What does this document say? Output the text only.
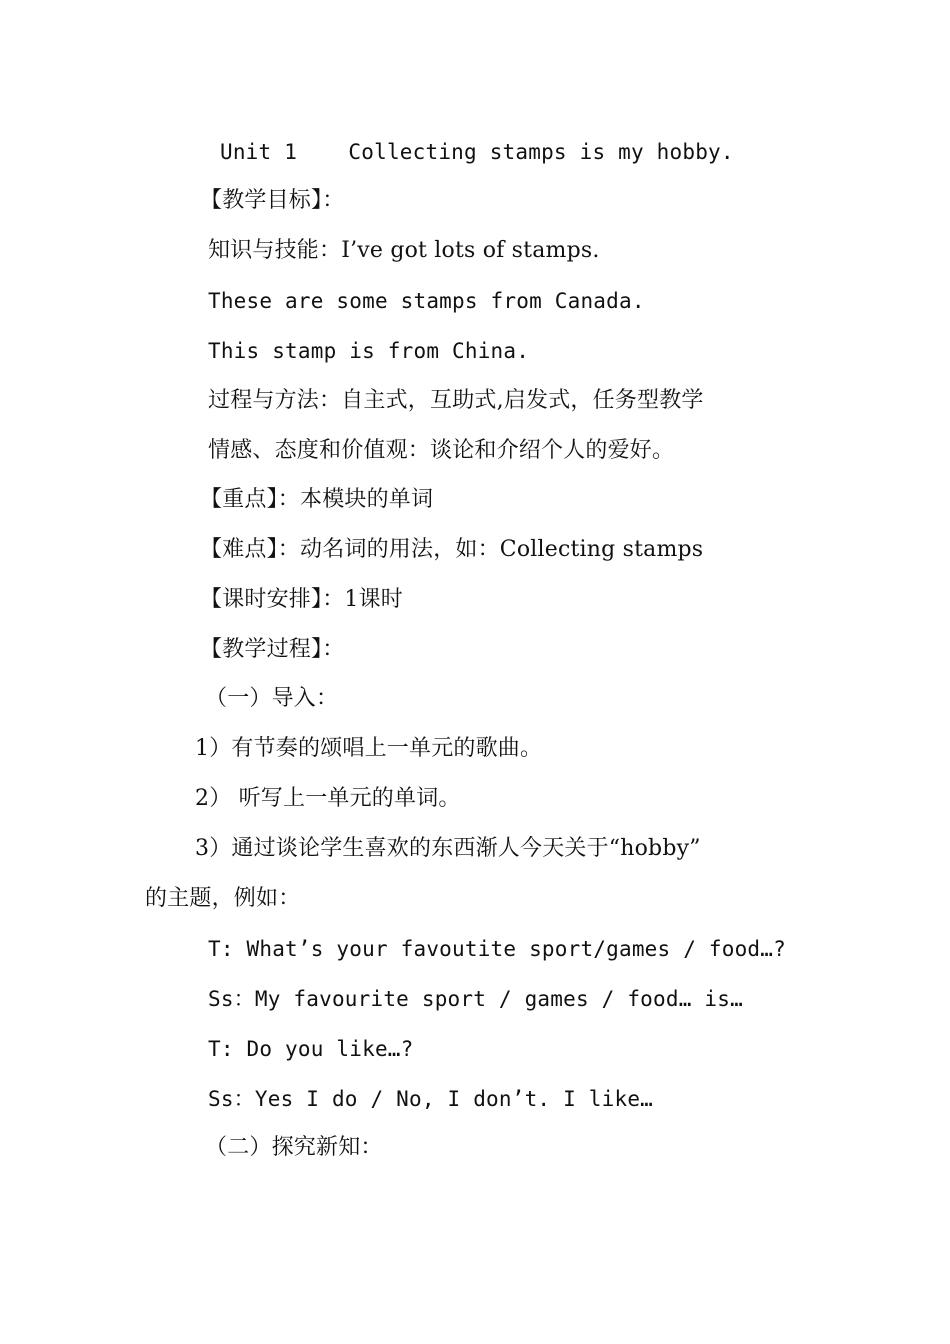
Unit 1    Collecting stamps is my hobby.
【教学目标】：
知识与技能：I’ve got lots of stamps.
These are some stamps from Canada.
This stamp is from China.
过程与方法：自主式，互助式,启发式，任务型教学
情感、态度和价值观：谈论和介绍个人的爱好。
【重点】：本模块的单词
【难点】：动名词的用法，如：Collecting stamps
【课时安排】：1课时
【教学过程】：
（一）导入：
1）有节奏的颂唱上一单元的歌曲。
2） 听写上一单元的单词。
3）通过谈论学生喜欢的东西渐人今天关于“hobby”
的主题，例如：
T: What’s your favoutite sport/games / food…?
Ss：My favourite sport / games / food… is…
T: Do you like…?
Ss：Yes I do / No, I don’t. I like…
（二）探究新知：
